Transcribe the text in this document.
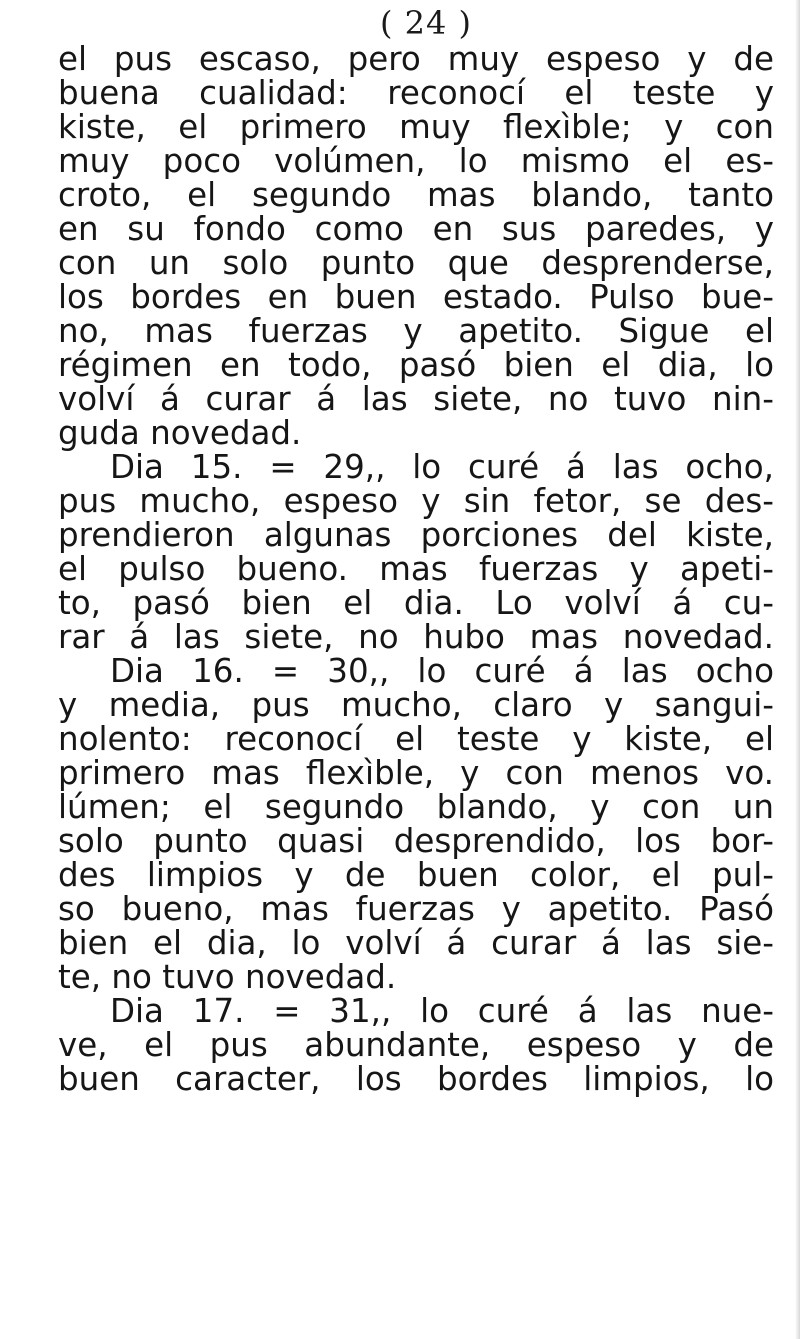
( 24 )
el pus escaso, pero muy espeso y de
buena cualidad: reconocí el teste y
kiste, el primero muy flexìble; y con
muy poco volúmen, lo mismo el es-
croto, el segundo mas blando, tanto
en su fondo como en sus paredes, y
con un solo punto que desprenderse,
los bordes en buen estado. Pulso bue-
no, mas fuerzas y apetito. Sigue el
régimen en todo, pasó bien el dia, lo
volví á curar á las siete, no tuvo nin-
guda novedad.
Dia 15. = 29,, lo curé á las ocho,
pus mucho, espeso y sin fetor, se des-
prendieron algunas porciones del kiste,
el pulso bueno. mas fuerzas y apeti-
to, pasó bien el dia. Lo volví á cu-
rar á las siete, no hubo mas novedad.
Dia 16. = 30,, lo curé á las ocho
y media, pus mucho, claro y sangui-
nolento: reconocí el teste y kiste, el
primero mas flexìble, y con menos vo.
lúmen; el segundo blando, y con un
solo punto quasi desprendido, los bor-
des limpios y de buen color, el pul-
so bueno, mas fuerzas y apetito. Pasó
bien el dia, lo volví á curar á las sie-
te, no tuvo novedad.
Dia 17. = 31,, lo curé á las nue-
ve, el pus abundante, espeso y de
buen caracter, los bordes limpios, lo
